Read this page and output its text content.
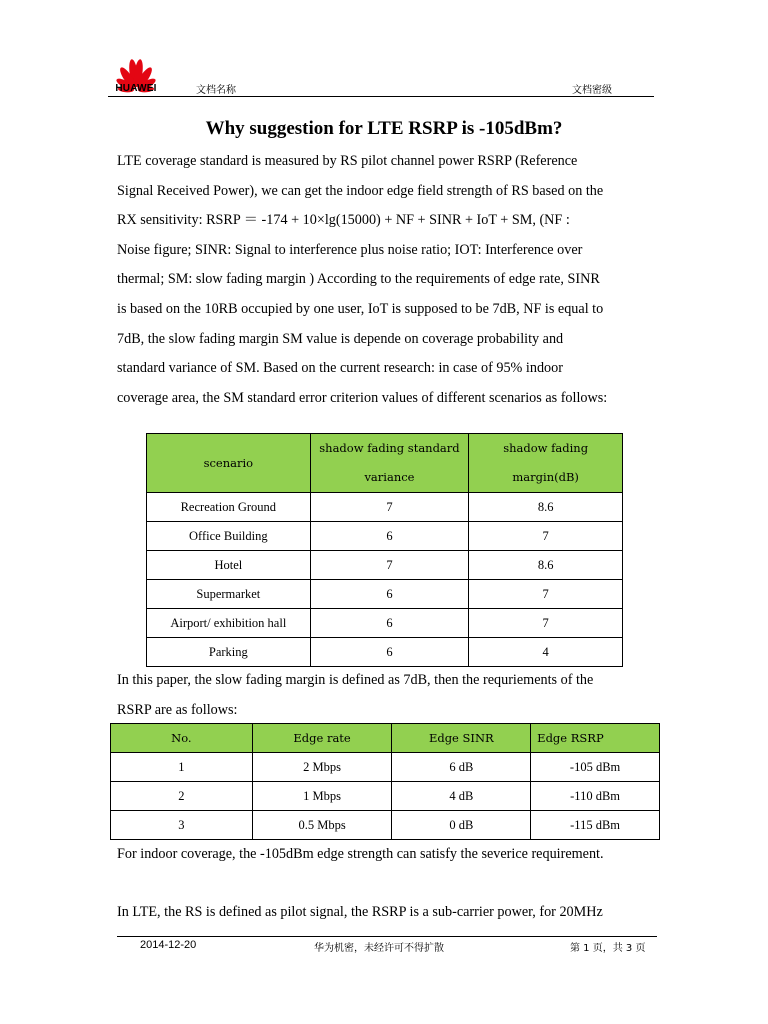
HUAWEI	文档名称	文档密级
Why suggestion for LTE RSRP is -105dBm?
LTE coverage standard is measured by RS pilot channel power RSRP (Reference
Signal Received Power), we can get the indoor edge field strength of RS based on the
RX sensitivity: RSRP ＝ -174 + 10×lg(15000) + NF + SINR + IoT + SM, (NF :
Noise figure; SINR: Signal to interference plus noise ratio; IOT: Interference over
thermal; SM: slow fading margin ) According to the requirements of edge rate, SINR
is based on the 10RB occupied by one user, IoT is supposed to be 7dB, NF is equal to
7dB, the slow fading margin SM value is depende on coverage probability and
standard variance of SM. Based on the current research: in case of 95% indoor
coverage area, the SM standard error criterion values of different scenarios as follows:
scenario	shadow fading standard variance	shadow fading margin(dB)
Recreation Ground	7	8.6
Office Building	6	7
Hotel	7	8.6
Supermarket	6	7
Airport/ exhibition hall	6	7
Parking	6	4
In this paper, the slow fading margin is defined as 7dB, then the requriements of the
RSRP are as follows:
No.	Edge rate	Edge SINR	Edge RSRP
1	2 Mbps	6 dB	-105 dBm
2	1 Mbps	4 dB	-110 dBm
3	0.5 Mbps	0 dB	-115 dBm
For indoor coverage, the -105dBm edge strength can satisfy the severice requirement.
In LTE, the RS is defined as pilot signal, the RSRP is a sub-carrier power, for 20MHz
2014-12-20	华为机密，未经许可不得扩散	第 1 页，共 3 页
